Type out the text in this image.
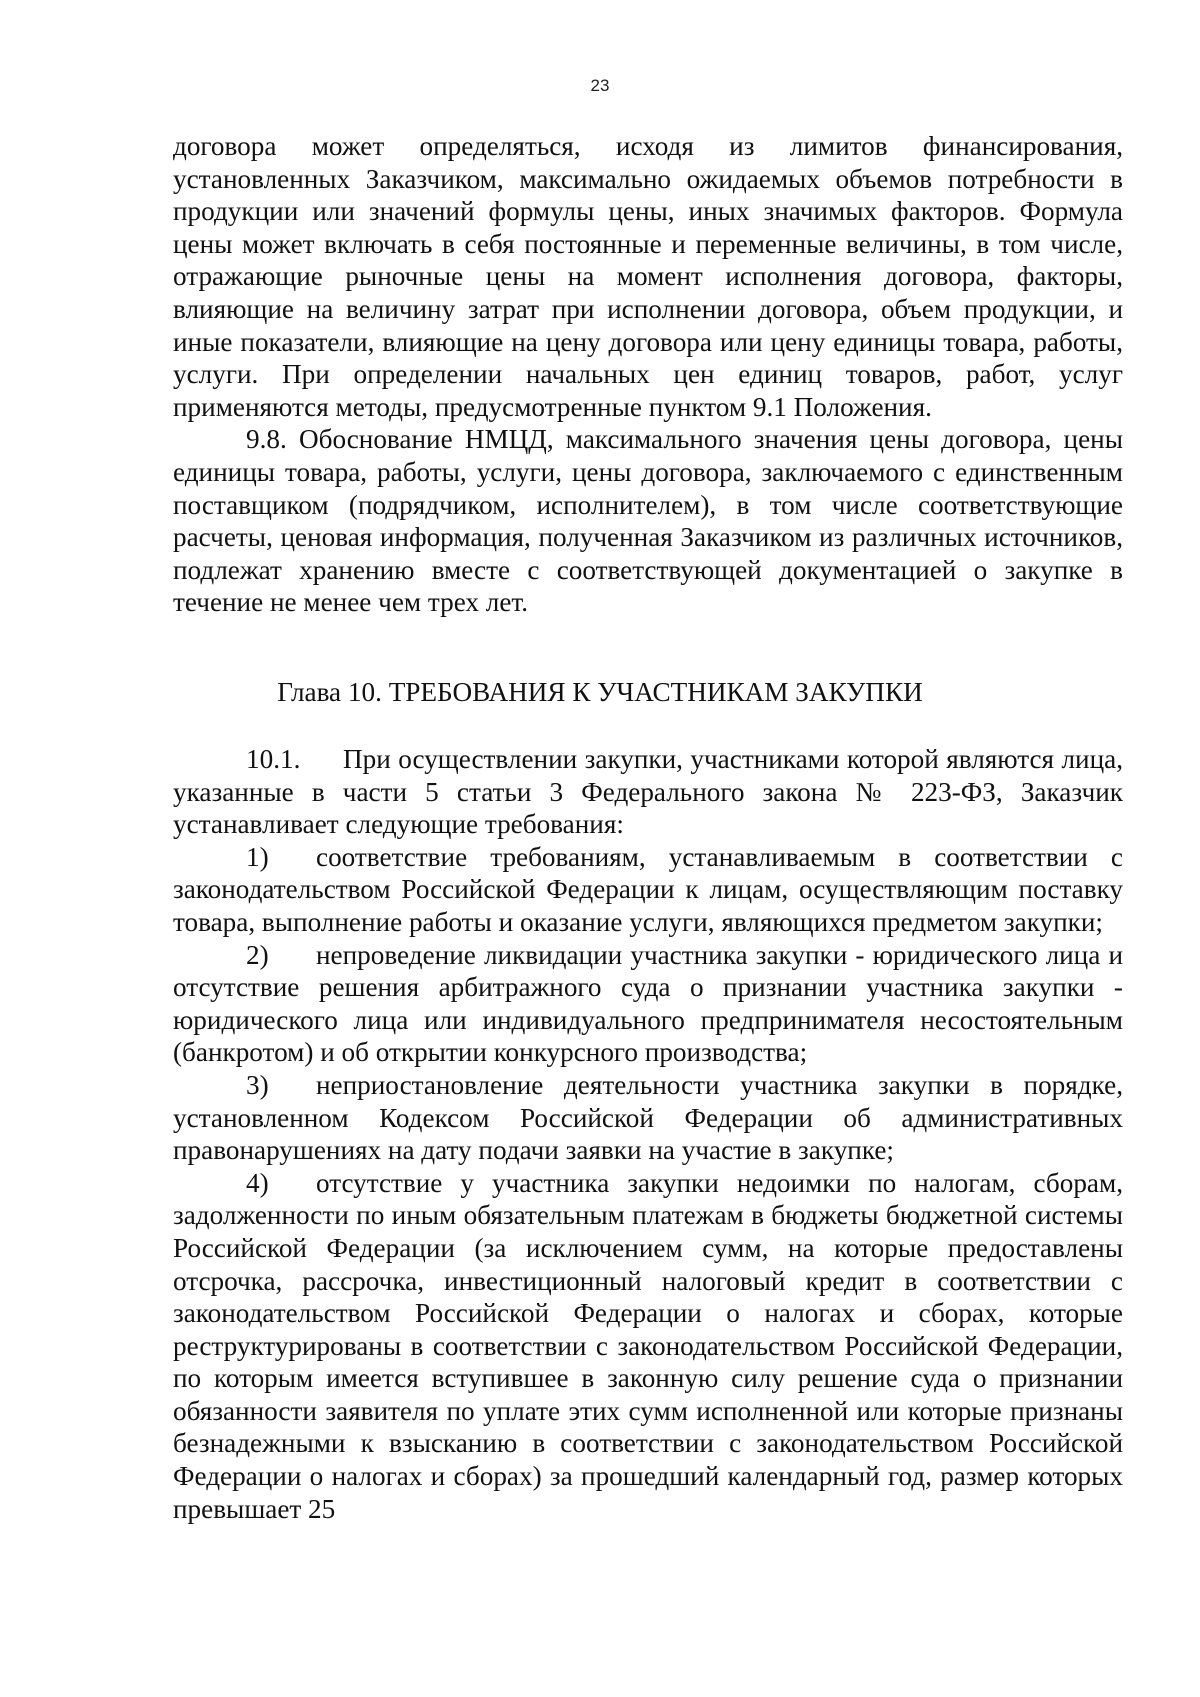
23

договора может определяться, исходя из лимитов финансирования, установленных Заказчиком, максимально ожидаемых объемов потребности в продукции или значений формулы цены, иных значимых факторов. Формула цены может включать в себя постоянные и переменные величины, в том числе, отражающие рыночные цены на момент исполнения договора, факторы, влияющие на величину затрат при исполнении договора, объем продукции, и иные показатели, влияющие на цену договора или цену единицы товара, работы, услуги. При определении начальных цен единиц товаров, работ, услуг применяются методы, предусмотренные пунктом 9.1 Положения.

9.8. Обоснование НМЦД, максимального значения цены договора, цены единицы товара, работы, услуги, цены договора, заключаемого с единственным поставщиком (подрядчиком, исполнителем), в том числе соответствующие расчеты, ценовая информация, полученная Заказчиком из различных источников, подлежат хранению вместе с соответствующей документацией о закупке в течение не менее чем трех лет.

Глава 10. ТРЕБОВАНИЯ К УЧАСТНИКАМ ЗАКУПКИ

10.1. При осуществлении закупки, участниками которой являются лица, указанные в части 5 статьи 3 Федерального закона № 223-ФЗ, Заказчик устанавливает следующие требования:

1) соответствие требованиям, устанавливаемым в соответствии с законодательством Российской Федерации к лицам, осуществляющим поставку товара, выполнение работы и оказание услуги, являющихся предметом закупки;

2) непроведение ликвидации участника закупки - юридического лица и отсутствие решения арбитражного суда о признании участника закупки - юридического лица или индивидуального предпринимателя несостоятельным (банкротом) и об открытии конкурсного производства;

3) неприостановление деятельности участника закупки в порядке, установленном Кодексом Российской Федерации об административных правонарушениях на дату подачи заявки на участие в закупке;

4) отсутствие у участника закупки недоимки по налогам, сборам, задолженности по иным обязательным платежам в бюджеты бюджетной системы Российской Федерации (за исключением сумм, на которые предоставлены отсрочка, рассрочка, инвестиционный налоговый кредит в соответствии с законодательством Российской Федерации о налогах и сборах, которые реструктурированы в соответствии с законодательством Российской Федерации, по которым имеется вступившее в законную силу решение суда о признании обязанности заявителя по уплате этих сумм исполненной или которые признаны безнадежными к взысканию в соответствии с законодательством Российской Федерации о налогах и сборах) за прошедший календарный год, размер которых превышает 25
